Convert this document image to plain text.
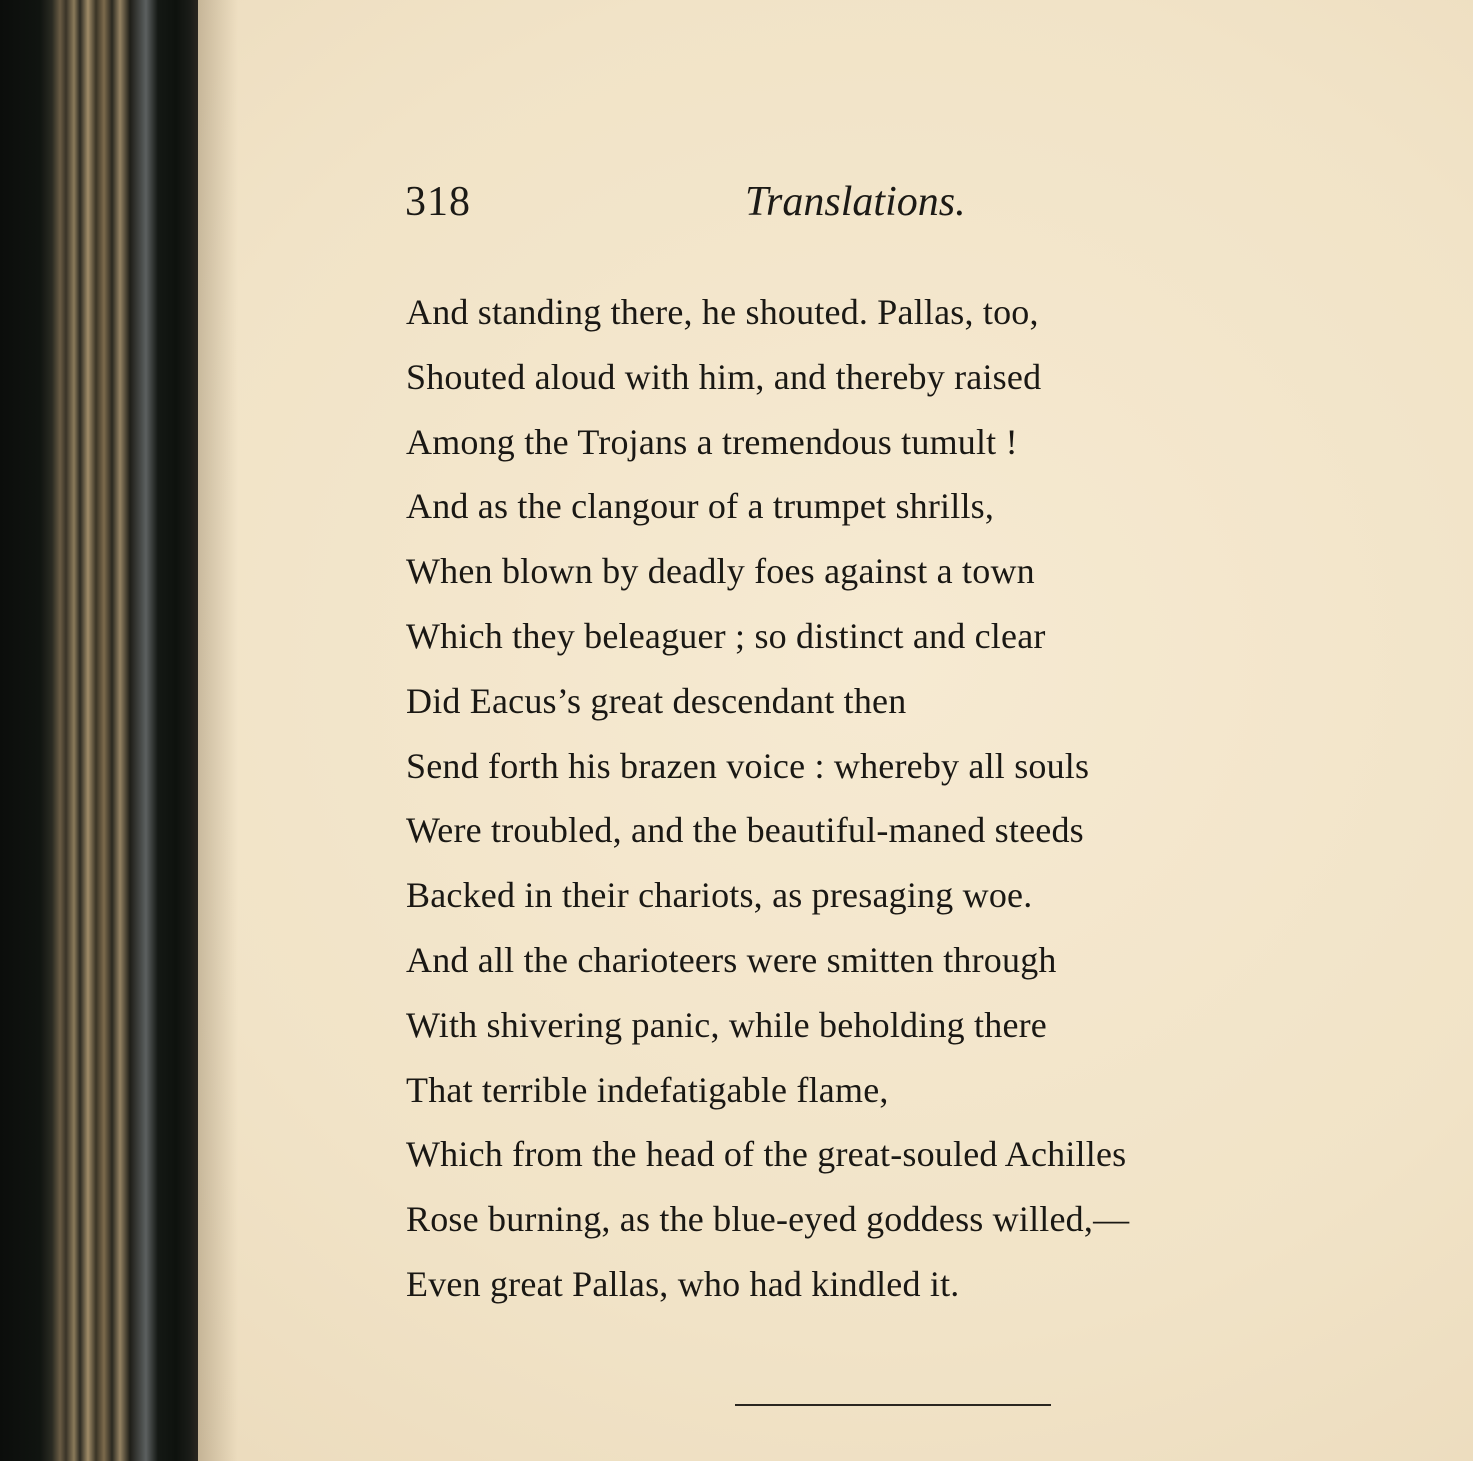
318	Translations.
And standing there, he shouted. Pallas, too,
Shouted aloud with him, and thereby raised
Among the Trojans a tremendous tumult !
And as the clangour of a trumpet shrills,
When blown by deadly foes against a town
Which they beleaguer ; so distinct and clear
Did Eacus’s great descendant then
Send forth his brazen voice : whereby all souls
Were troubled, and the beautiful-maned steeds
Backed in their chariots, as presaging woe.
And all the charioteers were smitten through
With shivering panic, while beholding there
That terrible indefatigable flame,
Which from the head of the great-souled Achilles
Rose burning, as the blue-eyed goddess willed,—
Even great Pallas, who had kindled it.
